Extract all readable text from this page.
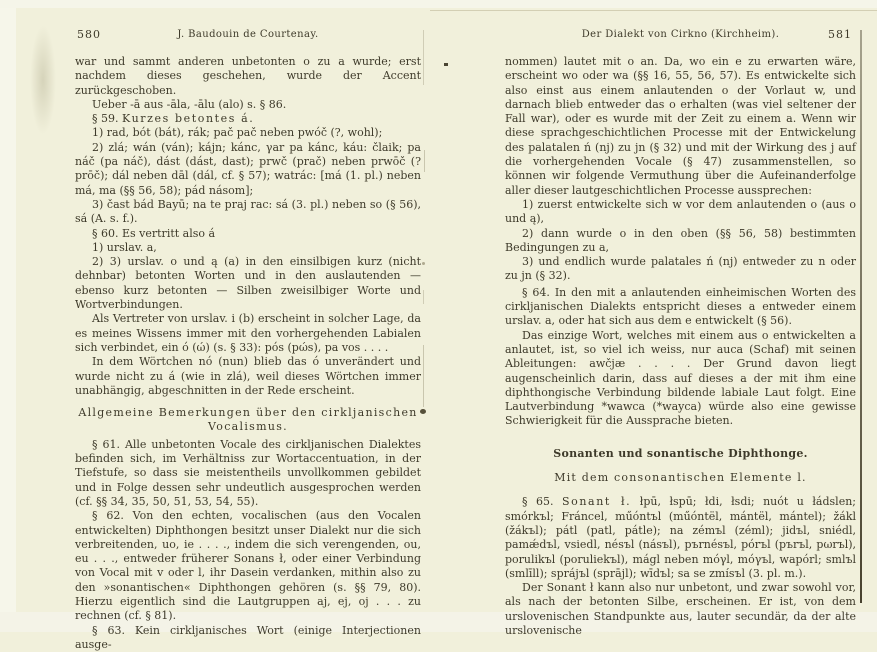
580	J. Baudouin de Courtenay.

war und sammt anderen unbetonten o zu a wurde; erst nachdem dieses geschehen, wurde der Accent zurückgeschoben.

Ueber -ā aus -āla, -ālu (alo) s. § 86.

§ 59. Kurzes betontes á.

1) rad, bót (bát), rák; pač pač neben pwóč (?, wohl);

2) zlá; wán (ván); kájn; kánc, γar pa kánc, káu: člaik; pa náč (pa náč), dást (dást, dast); prwč (prač) neben prwōč (? prōč); dál neben dāl (dál, cf. § 57); watrác: [má (1. pl.) neben má, ma (§§ 56, 58); pád násom];

3) čast bád Bayū; na te praj rac: sá (3. pl.) neben so (§ 56), sá (A. s. f.).

§ 60. Es vertritt also á

1) urslav. a,

2) 3) urslav. o und ą (a) in den einsilbigen kurz (nicht dehnbar) betonten Worten und in den auslautenden — ebenso kurz betonten — Silben zweisilbiger Worte und Wortverbindungen.

Als Vertreter von urslav. i (b) erscheint in solcher Lage, da es meines Wissens immer mit den vorhergehenden Labialen sich verbindet, ein ó (ώ) (s. § 33): pós (pώs), pa vos . . . .

In dem Wörtchen nó (nun) blieb das ó unverändert und wurde nicht zu á (wie in zlá), weil dieses Wörtchen immer unabhängig, abgeschnitten in der Rede erscheint.

Allgemeine Bemerkungen über den cirkljanischen Vocalismus.

§ 61. Alle unbetonten Vocale des cirkljanischen Dialektes befinden sich, im Verhältniss zur Wortaccentuation, in der Tiefstufe, so dass sie meistentheils unvollkommen gebildet und in Folge dessen sehr undeutlich ausgesprochen werden (cf. §§ 34, 35, 50, 51, 53, 54, 55).

§ 62. Von den echten, vocalischen (aus den Vocalen entwickelten) Diphthongen besitzt unser Dialekt nur die sich verbreitenden, uo, ie . . . ., indem die sich verengenden, ou, eu . . ., entweder früherer Sonans ł, oder einer Verbindung von Vocal mit v oder l, ihr Dasein verdanken, mithin also zu den »sonantischen« Diphthongen gehören (s. §§ 79, 80). Hierzu eigentlich sind die Lautgruppen aj, ej, oj . . . zu rechnen (cf. § 81).

§ 63. Kein cirkljanisches Wort (einige Interjectionen ausge-

Der Dialekt von Cirkno (Kirchheim).	581

nommen) lautet mit o an. Da, wo ein e zu erwarten wäre, erscheint wo oder wa (§§ 16, 55, 56, 57). Es entwickelte sich also einst aus einem anlautenden o der Vorlaut w, und darnach blieb entweder das o erhalten (was viel seltener der Fall war), oder es wurde mit der Zeit zu einem a. Wenn wir diese sprachgeschichtlichen Processe mit der Entwickelung des palatalen ń (nj) zu jn (§ 32) und mit der Wirkung des j auf die vorhergehenden Vocale (§ 47) zusammenstellen, so können wir folgende Vermuthung über die Aufeinanderfolge aller dieser lautgeschichtlichen Processe aussprechen:

1) zuerst entwickelte sich w vor dem anlautenden o (aus o und ą),

2) dann wurde o in den oben (§§ 56, 58) bestimmten Bedingungen zu a,

3) und endlich wurde palatales ń (nj) entweder zu n oder zu jn (§ 32).

§ 64. In den mit a anlautenden einheimischen Worten des cirkljanischen Dialekts entspricht dieses a entweder einem urslav. a, oder hat sich aus dem e entwickelt (§ 56).

Das einzige Wort, welches mit einem aus o entwickelten a anlautet, ist, so viel ich weiss, nur auca (Schaf) mit seinen Ableitungen: awčjæ . . . . Der Grund davon liegt augenscheinlich darin, dass auf dieses a der mit ihm eine diphthongische Verbindung bildende labiale Laut folgt. Eine Lautverbindung *wawca (*wayca) würde also eine gewisse Schwierigkeit für die Aussprache bieten.

Sonanten und sonantische Diphthonge.

Mit dem consonantischen Elemente l.

§ 65. Sonant ł. łpū, łspū; łdi, łsdi; nuót u łádslen; smórkъl; Fráncel, műóntъl (műóntёl, mántёl, mántel); žákl (žákъl); pátl (patl, pátle); na zémъl (zéml); jidъl, sniédl, pamǽdъl, vsiedl, nésъl (násъl), pъrnésъl, pórъl (pъrъl, pωrъl), porulikъl (poruliekъl), mágl neben móγl, móγъl, wapórl; smlъl (smlīll); sprájъl (sprājl); wīdъl; sa se zmísъl (3. pl. m.).

Der Sonant ł kann also nur unbetont, und zwar sowohl vor, als nach der betonten Silbe, erscheinen. Er ist, von dem urslovenischen Standpunkte aus, lauter secundär, da der alte urslovenische
